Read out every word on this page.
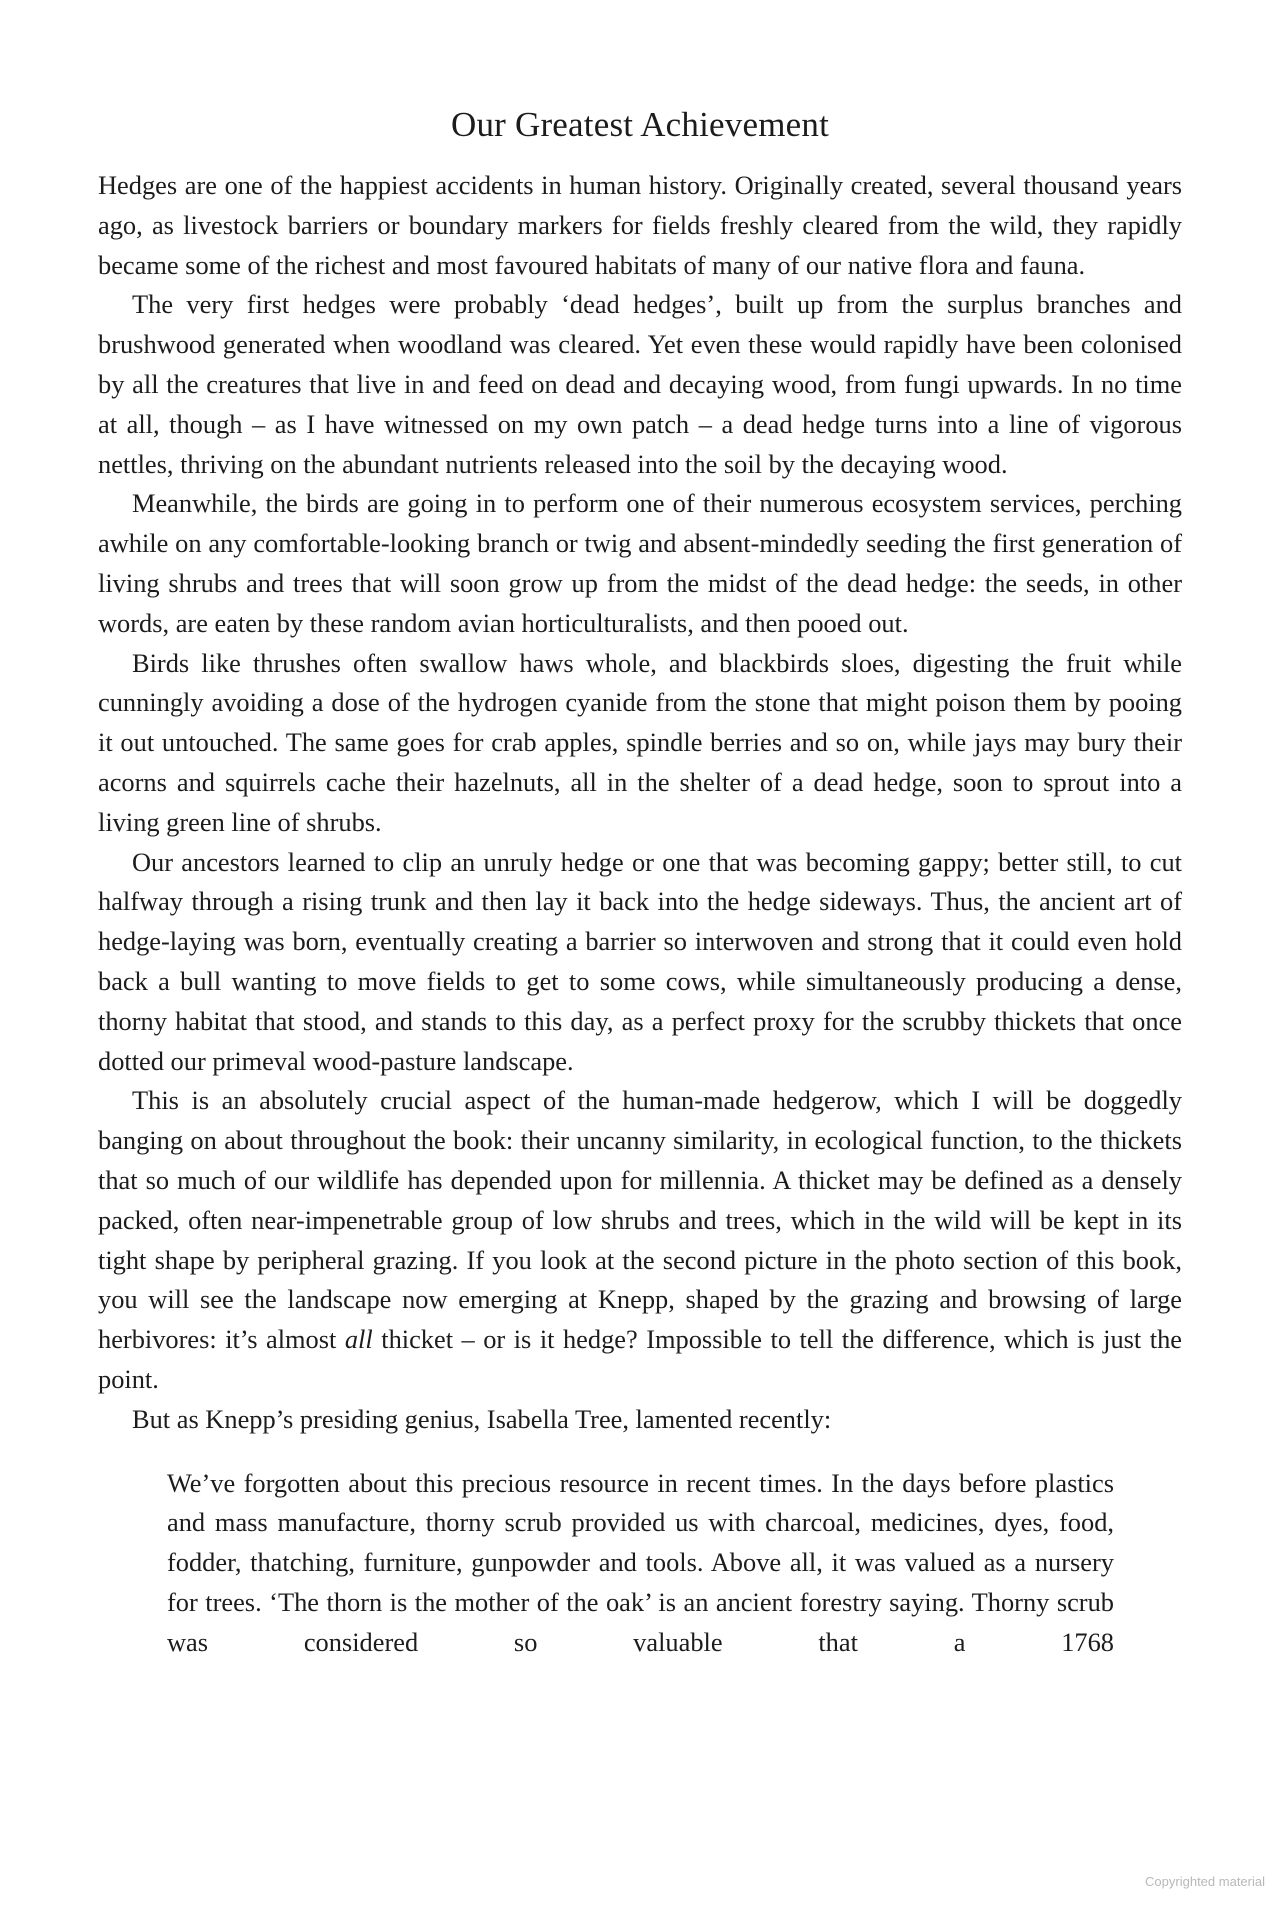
Our Greatest Achievement

Hedges are one of the happiest accidents in human history. Originally created, several thousand years ago, as livestock barriers or boundary markers for fields freshly cleared from the wild, they rapidly became some of the richest and most favoured habitats of many of our native flora and fauna.

The very first hedges were probably ‘dead hedges’, built up from the surplus branches and brushwood generated when woodland was cleared. Yet even these would rapidly have been colonised by all the creatures that live in and feed on dead and decaying wood, from fungi upwards. In no time at all, though – as I have witnessed on my own patch – a dead hedge turns into a line of vigorous nettles, thriving on the abundant nutrients released into the soil by the decaying wood.

Meanwhile, the birds are going in to perform one of their numerous ecosystem services, perching awhile on any comfortable-looking branch or twig and absent-mindedly seeding the first generation of living shrubs and trees that will soon grow up from the midst of the dead hedge: the seeds, in other words, are eaten by these random avian horticulturalists, and then pooed out.

Birds like thrushes often swallow haws whole, and blackbirds sloes, digesting the fruit while cunningly avoiding a dose of the hydrogen cyanide from the stone that might poison them by pooing it out untouched. The same goes for crab apples, spindle berries and so on, while jays may bury their acorns and squirrels cache their hazelnuts, all in the shelter of a dead hedge, soon to sprout into a living green line of shrubs.

Our ancestors learned to clip an unruly hedge or one that was becoming gappy; better still, to cut halfway through a rising trunk and then lay it back into the hedge sideways. Thus, the ancient art of hedge-laying was born, eventually creating a barrier so interwoven and strong that it could even hold back a bull wanting to move fields to get to some cows, while simultaneously producing a dense, thorny habitat that stood, and stands to this day, as a perfect proxy for the scrubby thickets that once dotted our primeval wood-pasture landscape.

This is an absolutely crucial aspect of the human-made hedgerow, which I will be doggedly banging on about throughout the book: their uncanny similarity, in ecological function, to the thickets that so much of our wildlife has depended upon for millennia. A thicket may be defined as a densely packed, often near-impenetrable group of low shrubs and trees, which in the wild will be kept in its tight shape by peripheral grazing. If you look at the second picture in the photo section of this book, you will see the landscape now emerging at Knepp, shaped by the grazing and browsing of large herbivores: it’s almost all thicket – or is it hedge? Impossible to tell the difference, which is just the point.

But as Knepp’s presiding genius, Isabella Tree, lamented recently:

We’ve forgotten about this precious resource in recent times. In the days before plastics and mass manufacture, thorny scrub provided us with charcoal, medicines, dyes, food, fodder, thatching, furniture, gunpowder and tools. Above all, it was valued as a nursery for trees. ‘The thorn is the mother of the oak’ is an ancient forestry saying. Thorny scrub was considered so valuable that a 1768

Copyrighted material
